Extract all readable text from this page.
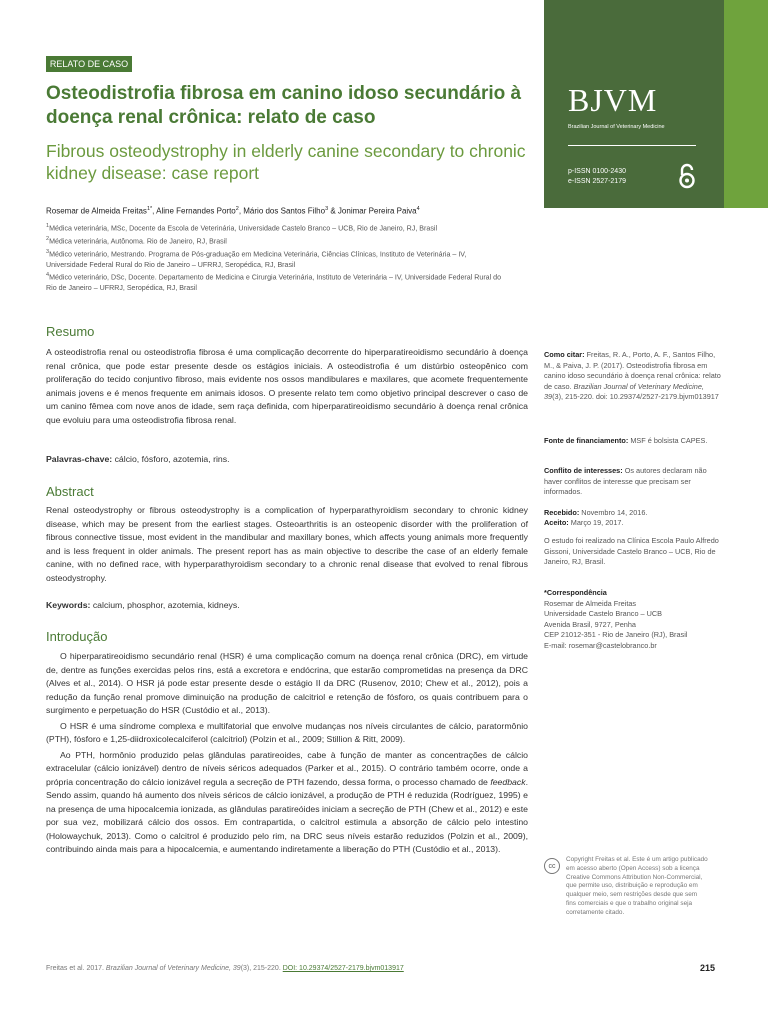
BJVM
Brazilian Journal of Veterinary Medicine
p-ISSN 0100-2430
e-ISSN 2527-2179
RELATO DE CASO
Osteodistrofia fibrosa em canino idoso secundário à doença renal crônica: relato de caso
Fibrous osteodystrophy in elderly canine secondary to chronic kidney disease: case report
Rosemar de Almeida Freitas$^{1*}$, Aline Fernandes Porto$^2$, Mário dos Santos Filho$^3$ & Jonimar Pereira Paiva$^4$
$^1$Médica veterinária, MSc, Docente da Escola de Veterinária, Universidade Castelo Branco – UCB, Rio de Janeiro, RJ, Brasil
$^2$Médica veterinária, Autônoma. Rio de Janeiro, RJ, Brasil
$^3$Médico veterinário, Mestrando. Programa de Pós-graduação em Medicina Veterinária, Ciências Clínicas, Instituto de Veterinária – IV, Universidade Federal Rural do Rio de Janeiro – UFRRJ, Seropédica, RJ, Brasil
$^4$Médico veterinário, DSc, Docente. Departamento de Medicina e Cirurgia Veterinária, Instituto de Veterinária – IV, Universidade Federal Rural do Rio de Janeiro – UFRRJ, Seropédica, RJ, Brasil
Resumo
A osteodistrofia renal ou osteodistrofia fibrosa é uma complicação decorrente do hiperparatireoidismo secundário à doença renal crônica, que pode estar presente desde os estágios iniciais. A osteodistrofia é um distúrbio osteopênico com proliferação do tecido conjuntivo fibroso, mais evidente nos ossos mandibulares e maxilares, que acomete frequentemente animais jovens e é menos frequente em animais idosos. O presente relato tem como objetivo principal descrever o caso de um canino fêmea com nove anos de idade, sem raça definida, com hiperparatireoidismo secundário à doença renal crônica que evoluiu para uma osteodistrofia fibrosa renal.
Palavras-chave: cálcio, fósforo, azotemia, rins.
Abstract
Renal osteodystrophy or fibrous osteodystrophy is a complication of hyperparathyroidism secondary to chronic kidney disease, which may be present from the earliest stages. Osteoarthritis is an osteopenic disorder with the proliferation of fibrous connective tissue, most evident in the mandibular and maxillary bones, which affects young animals more frequently and is less frequent in older animals. The present report has as main objective to describe the case of an elderly female canine, with no defined race, with hyperparathyroidism secondary to a chronic renal disease that evolved to renal fibrous osteodystrophy.
Keywords: calcium, phosphor, azotemia, kidneys.
Introdução

O hiperparatireoidismo secundário renal (HSR) é uma complicação comum na doença renal crônica (DRC), em virtude de, dentre as funções exercidas pelos rins, está a excretora e endócrina, que estarão comprometidas na presença da DRC (Alves et al., 2014). O HSR já pode estar presente desde o estágio II da DRC (Rusenov, 2010; Chew et al., 2012), pois a redução da função renal promove diminuição na produção de calcitriol e retenção de fósforo, os quais contribuem para o surgimento e perpetuação do HSR (Custódio et al., 2013).

O HSR é uma síndrome complexa e multifatorial que envolve mudanças nos níveis circulantes de cálcio, paratormônio (PTH), fósforo e 1,25-diidroxicolecalciferol (calcitriol) (Polzin et al., 2009; Stillion & Ritt, 2009).

Ao PTH, hormônio produzido pelas glândulas paratireoides, cabe à função de manter as concentrações de cálcio extracelular (cálcio ionizável) dentro de níveis séricos adequados (Parker et al., 2015). O contrário também ocorre, onde a própria concentração do cálcio ionizável regula a secreção de PTH fazendo, dessa forma, o processo chamado de feedback. Sendo assim, quando há aumento dos níveis séricos de cálcio ionizável, a produção de PTH é reduzida (Rodríguez, 1995) e na presença de uma hipocalcemia ionizada, as glândulas paratireóides iniciam a secreção de PTH (Chew et al., 2012) e este por sua vez, mobilizará cálcio dos ossos. Em contrapartida, o calcitrol estimula a absorção de cálcio pelo intestino (Holowaychuk, 2013). Como o calcitrol é produzido pelo rim, na DRC seus níveis estarão reduzidos (Polzin et al., 2009), contribuindo ainda mais para a hipocalcemia, e aumentando indiretamente a liberação do PTH (Custódio et al., 2013).

Como citar: Freitas, R. A., Porto, A. F., Santos Filho, M., & Paiva, J. P. (2017). Osteodistrofia fibrosa em canino idoso secundário à doença renal crônica: relato de caso. Brazilian Journal of Veterinary Medicine, 39(3), 215-220. doi: 10.29374/2527-2179.bjvm013917
Fonte de financiamento: MSF é bolsista CAPES.
Conflito de interesses: Os autores declaram não haver conflitos de interesse que precisam ser informados.
Recebido: Novembro 14, 2016.
Aceito: Março 19, 2017.
O estudo foi realizado na Clínica Escola Paulo Alfredo Gissoni, Universidade Castelo Branco – UCB, Rio de Janeiro, RJ, Brasil.
*Correspondência
Rosemar de Almeida Freitas
Universidade Castelo Branco – UCB
Avenida Brasil, 9727, Penha
CEP 21012-351 - Rio de Janeiro (RJ), Brasil
E-mail: rosemar@castelobranco.br
cc
Copyright Freitas et al. Este é um artigo publicado em acesso aberto (Open Access) sob a licença Creative Commons Attribution Non-Commercial, que permite uso, distribuição e reprodução em qualquer meio, sem restrições desde que sem fins comerciais e que o trabalho original seja corretamente citado.
Freitas et al. 2017. Brazilian Journal of Veterinary Medicine, 39(3), 215-220. DOI: 10.29374/2527-2179.bjvm013917	215
